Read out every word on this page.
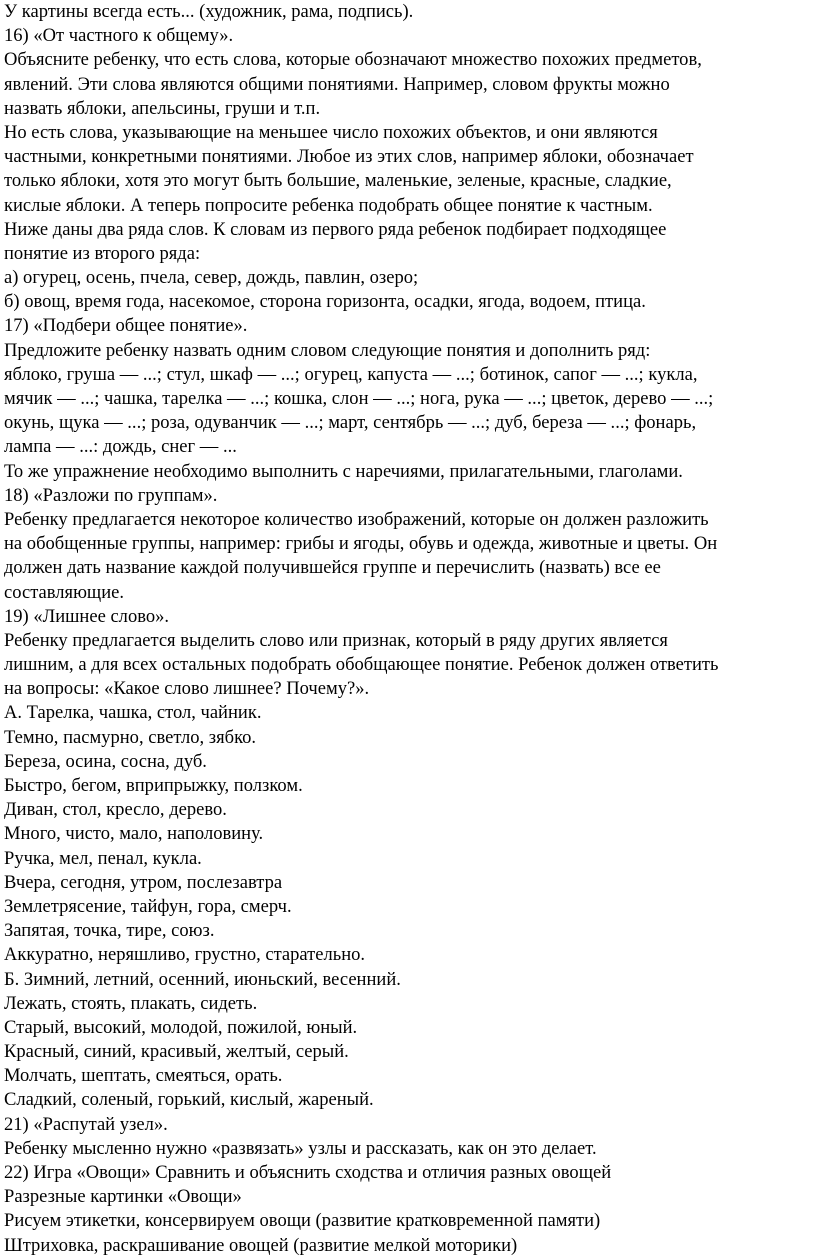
У картины всегда есть... (художник, рама, подпись).
16) «От частного к общему».
Объясните ребенку, что есть слова, которые обозначают множество похожих предметов,
явлений. Эти слова являются общими понятиями. Например, словом фрукты можно
назвать яблоки, апельсины, груши и т.п.
Но есть слова, указывающие на меньшее число похожих объектов, и они являются
частными, конкретными понятиями. Любое из этих слов, например яблоки, обозначает
только яблоки, хотя это могут быть большие, маленькие, зеленые, красные, сладкие,
кислые яблоки. А теперь попросите ребенка подобрать общее понятие к частным.
Ниже даны два ряда слов. К словам из первого ряда ребенок подбирает подходящее
понятие из второго ряда:
а) огурец, осень, пчела, север, дождь, павлин, озеро;
б) овощ, время года, насекомое, сторона горизонта, осадки, ягода, водоем, птица.
17) «Подбери общее понятие».
Предложите ребенку назвать одним словом следующие понятия и дополнить ряд:
яблоко, груша — ...; стул, шкаф — ...; огурец, капуста — ...; ботинок, сапог — ...; кукла,
мячик — ...; чашка, тарелка — ...; кошка, слон — ...; нога, рука — ...; цветок, дерево — ...;
окунь, щука — ...; роза, одуванчик — ...; март, сентябрь — ...; дуб, береза — ...; фонарь,
лампа — ...: дождь, снег — ...
То же упражнение необходимо выполнить с наречиями, прилагательными, глаголами.
18) «Разложи по группам».
Ребенку предлагается некоторое количество изображений, которые он должен разложить
на обобщенные группы, например: грибы и ягоды, обувь и одежда, животные и цветы. Он
должен дать название каждой получившейся группе и перечислить (назвать) все ее
составляющие.
19) «Лишнее слово».
Ребенку предлагается выделить слово или признак, который в ряду других является
лишним, а для всех остальных подобрать обобщающее понятие. Ребенок должен ответить
на вопросы: «Какое слово лишнее? Почему?».
А. Тарелка, чашка, стол, чайник.
Темно, пасмурно, светло, зябко.
Береза, осина, сосна, дуб.
Быстро, бегом, вприпрыжку, ползком.
Диван, стол, кресло, дерево.
Много, чисто, мало, наполовину.
Ручка, мел, пенал, кукла.
Вчера, сегодня, утром, послезавтра
Землетрясение, тайфун, гора, смерч.
Запятая, точка, тире, союз.
Аккуратно, неряшливо, грустно, старательно.
Б. Зимний, летний, осенний, июньский, весенний.
Лежать, стоять, плакать, сидеть.
Старый, высокий, молодой, пожилой, юный.
Красный, синий, красивый, желтый, серый.
Молчать, шептать, смеяться, орать.
Сладкий, соленый, горький, кислый, жареный.
21) «Распутай узел».
Ребенку мысленно нужно «развязать» узлы и рассказать, как он это делает.
22) Игра «Овощи» Сравнить и объяснить сходства и отличия разных овощей
Разрезные картинки «Овощи»
Рисуем этикетки, консервируем овощи (развитие кратковременной памяти)
Штриховка, раскрашивание овощей (развитие мелкой моторики)
